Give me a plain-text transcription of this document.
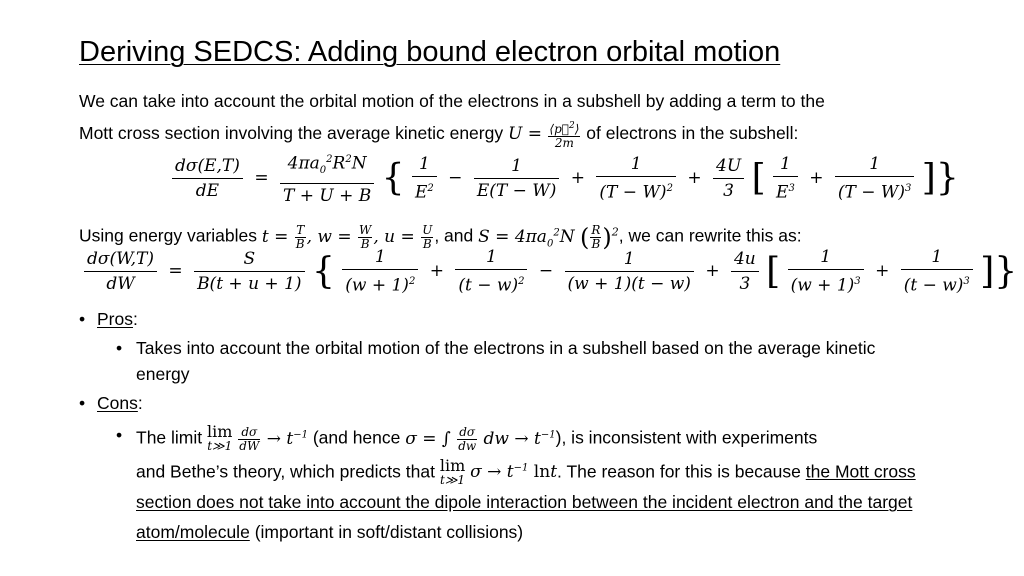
Deriving SEDCS: Adding bound electron orbital motion
We can take into account the orbital motion of the electrons in a subshell by adding a term to the
Mott cross section involving the average kinetic energy $U = \frac{⟨p⃗^2⟩}{2m}$ of electrons in the subshell:
$\frac{d\sigma(E,T)}{dE} = \frac{4\pi a_0^2R^2N}{T + U + B}$ { $\frac{1}{E^2} - \frac{1}{E(T - W)} + \frac{1}{(T - W)^2} + \frac{4U}{3}$ [ $\frac{1}{E^3} + \frac{1}{(T - W)^3}$ ]}
Using energy variables $t = \frac{T}{B}$ , $w = \frac{W}{B}$ , $u = \frac{U}{B}$ , and $S = 4\pi a_0^2N$ ( $\frac{R}{B} )^2$, we can rewrite this as:
$\frac{d\sigma(W,T)}{dW} = \frac{S}{B(t + u + 1)}$ { $\frac{1}{(w + 1)^2} + \frac{1}{(t - w)^2} - \frac{1}{(w + 1)(t - w)} + \frac{4u}{3}$ [ $\frac{1}{(w + 1)^3} + \frac{1}{(t - w)^3}$ ]}
• Pros:
• Takes into account the orbital motion of the electrons in a subshell based on the average kinetic energy
• Cons:
• The limit lim
t≫1
$\frac{d\sigma}{dW} \to t^{-1}$ (and hence σ = ∫ $\frac{d\sigma}{dw}$ dw → $t^{-1}$), is inconsistent with experiments
and Bethe’s theory, which predicts that lim
t≫1 $\sigma \to t^{-1}$ lnt. The reason for this is because the Mott cross section does not take into account the dipole interaction between the incident electron and the target atom/molecule (important in soft/distant collisions)
